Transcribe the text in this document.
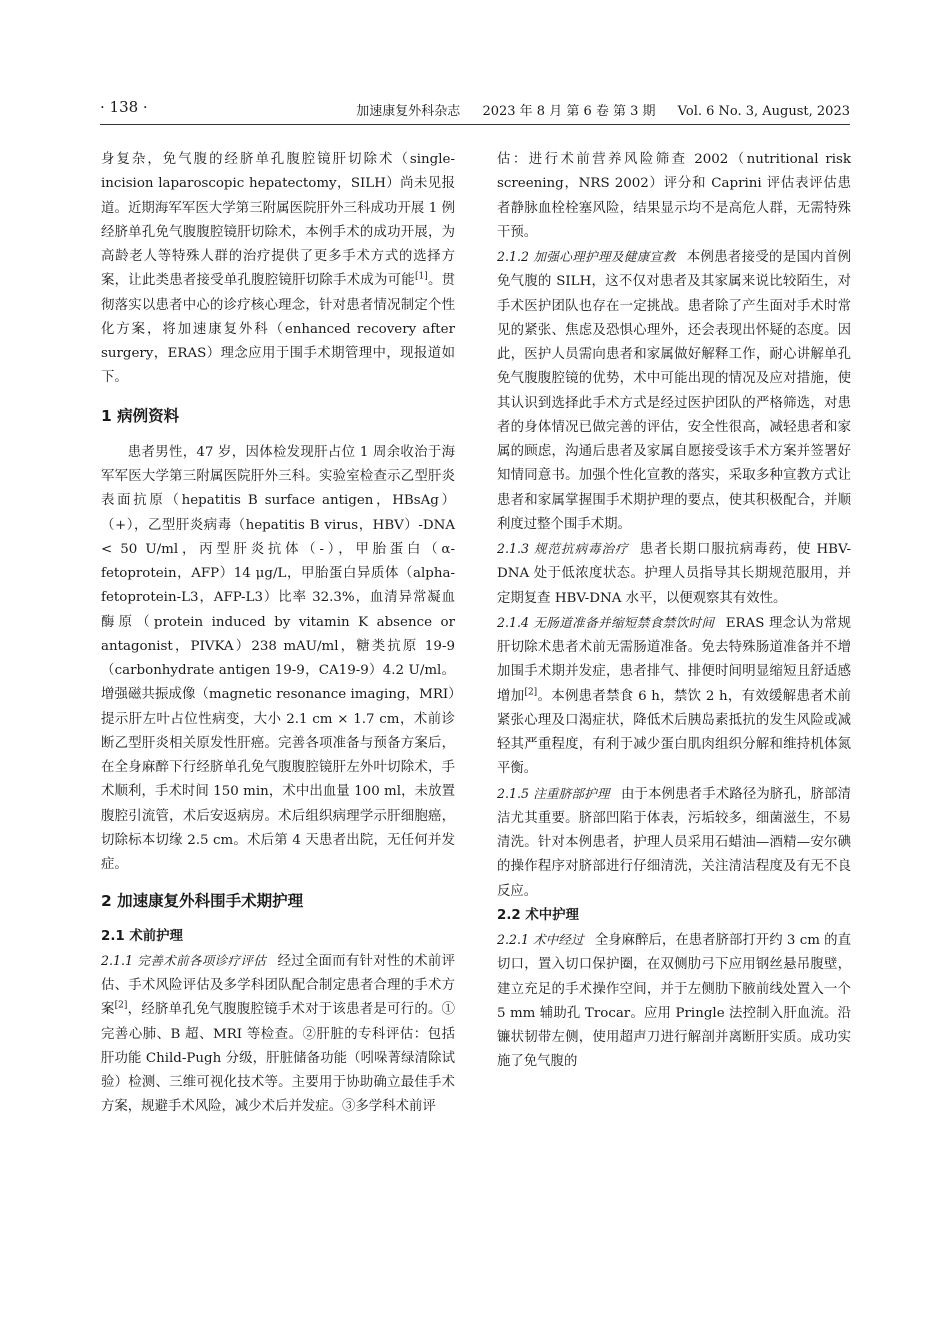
· 138 ·	加速康复外科杂志 2023 年 8 月 第 6 卷 第 3 期 Vol. 6 No. 3, August, 2023

身复杂，免气腹的经脐单孔腹腔镜肝切除术（single-incision laparoscopic hepatectomy，SILH）尚未见报道。近期海军军医大学第三附属医院肝外三科成功开展 1 例经脐单孔免气腹腹腔镜肝切除术，本例手术的成功开展，为高龄老人等特殊人群的治疗提供了更多手术方式的选择方案，让此类患者接受单孔腹腔镜肝切除手术成为可能[1]。贯彻落实以患者中心的诊疗核心理念，针对患者情况制定个性化方案，将加速康复外科（enhanced recovery after surgery，ERAS）理念应用于围手术期管理中，现报道如下。

1 病例资料

患者男性，47 岁，因体检发现肝占位 1 周余收治于海军军医大学第三附属医院肝外三科。实验室检查示乙型肝炎表面抗原（hepatitis B surface antigen，HBsAg）（+），乙型肝炎病毒（hepatitis B virus，HBV）-DNA < 50 U/ml，丙型肝炎抗体（-），甲胎蛋白（α-fetoprotein，AFP）14 μg/L，甲胎蛋白异质体（alpha-fetoprotein-L3，AFP-L3）比率 32.3%，血清异常凝血酶原（protein induced by vitamin K absence or antagonist，PIVKA）238 mAU/ml，糖类抗原 19-9（carbonhydrate antigen 19-9，CA19-9）4.2 U/ml。增强磁共振成像（magnetic resonance imaging，MRI）提示肝左叶占位性病变，大小 2.1 cm × 1.7 cm，术前诊断乙型肝炎相关原发性肝癌。完善各项准备与预备方案后，在全身麻醉下行经脐单孔免气腹腹腔镜肝左外叶切除术，手术顺利，手术时间 150 min，术中出血量 100 ml，未放置腹腔引流管，术后安返病房。术后组织病理学示肝细胞癌，切除标本切缘 2.5 cm。术后第 4 天患者出院，无任何并发症。

2 加速康复外科围手术期护理

2.1 术前护理

2.1.1 完善术前各项诊疗评估 经过全面而有针对性的术前评估、手术风险评估及多学科团队配合制定患者合理的手术方案[2]，经脐单孔免气腹腹腔镜手术对于该患者是可行的。①完善心肺、B 超、MRI 等检查。②肝脏的专科评估：包括肝功能 Child-Pugh 分级，肝脏储备功能（吲哚菁绿清除试验）检测、三维可视化技术等。主要用于协助确立最佳手术方案，规避手术风险，减少术后并发症。③多学科术前评

估：进行术前营养风险筛查 2002（nutritional risk screening，NRS 2002）评分和 Caprini 评估表评估患者静脉血栓栓塞风险，结果显示均不是高危人群，无需特殊干预。

2.1.2 加强心理护理及健康宣教 本例患者接受的是国内首例免气腹的 SILH，这不仅对患者及其家属来说比较陌生，对手术医护团队也存在一定挑战。患者除了产生面对手术时常见的紧张、焦虑及恐惧心理外，还会表现出怀疑的态度。因此，医护人员需向患者和家属做好解释工作，耐心讲解单孔免气腹腹腔镜的优势，术中可能出现的情况及应对措施，使其认识到选择此手术方式是经过医护团队的严格筛选，对患者的身体情况已做完善的评估，安全性很高，减轻患者和家属的顾虑，沟通后患者及家属自愿接受该手术方案并签署好知情同意书。加强个性化宣教的落实，采取多种宣教方式让患者和家属掌握围手术期护理的要点，使其积极配合，并顺利度过整个围手术期。

2.1.3 规范抗病毒治疗 患者长期口服抗病毒药，使 HBV-DNA 处于低浓度状态。护理人员指导其长期规范服用，并定期复查 HBV-DNA 水平，以便观察其有效性。

2.1.4 无肠道准备并缩短禁食禁饮时间 ERAS 理念认为常规肝切除术患者术前无需肠道准备。免去特殊肠道准备并不增加围手术期并发症，患者排气、排便时间明显缩短且舒适感增加[2]。本例患者禁食 6 h，禁饮 2 h，有效缓解患者术前紧张心理及口渴症状，降低术后胰岛素抵抗的发生风险或减轻其严重程度，有利于减少蛋白肌肉组织分解和维持机体氮平衡。

2.1.5 注重脐部护理 由于本例患者手术路径为脐孔，脐部清洁尤其重要。脐部凹陷于体表，污垢较多，细菌滋生，不易清洗。针对本例患者，护理人员采用石蜡油—酒精—安尔碘的操作程序对脐部进行仔细清洗，关注清洁程度及有无不良反应。

2.2 术中护理

2.2.1 术中经过 全身麻醉后，在患者脐部打开约 3 cm 的直切口，置入切口保护圈，在双侧肋弓下应用钢丝悬吊腹壁，建立充足的手术操作空间，并于左侧肋下腋前线处置入一个 5 mm 辅助孔 Trocar。应用 Pringle 法控制入肝血流。沿镰状韧带左侧，使用超声刀进行解剖并离断肝实质。成功实施了免气腹的
